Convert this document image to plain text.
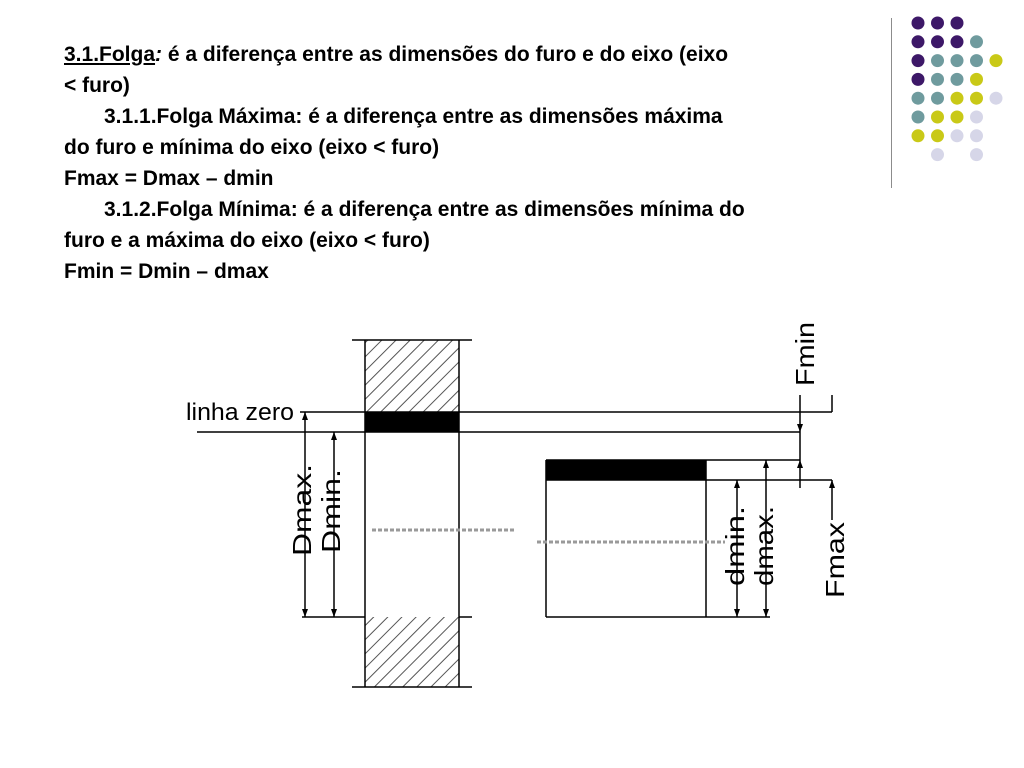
3.1.Folga: é a diferença entre as dimensões do furo e do eixo (eixo
< furo)
3.1.1.Folga Máxima: é a diferença entre as dimensões máxima
do furo e mínima do eixo (eixo < furo)
Fmax = Dmax – dmin
3.1.2.Folga Mínima: é a diferença entre as dimensões mínima do
furo e a máxima do eixo (eixo < furo)
Fmin = Dmin – dmax
linha zero
Fmin
Dmax. Dmin.
dmin. dmax. Fmax
